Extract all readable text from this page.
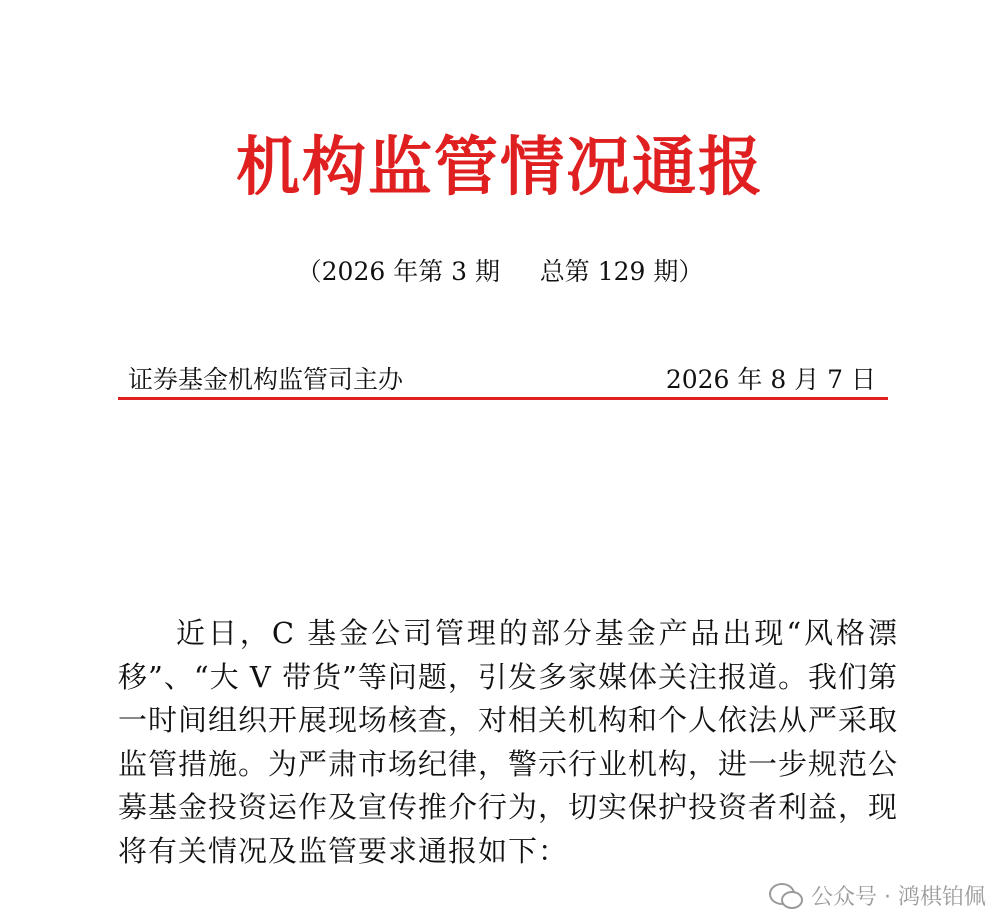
机构监管情况通报
（2026 年第 3 期     总第 129 期）
证券基金机构监管司主办	2026 年 8 月 7 日

近日，C 基金公司管理的部分基金产品出现“风格漂移”、“大 V 带货”等问题，引发多家媒体关注报道。我们第一时间组织开展现场核查，对相关机构和个人依法从严采取监管措施。为严肃市场纪律，警示行业机构，进一步规范公募基金投资运作及宣传推介行为，切实保护投资者利益，现将有关情况及监管要求通报如下：

公众号 · 鸿棋铂佩
